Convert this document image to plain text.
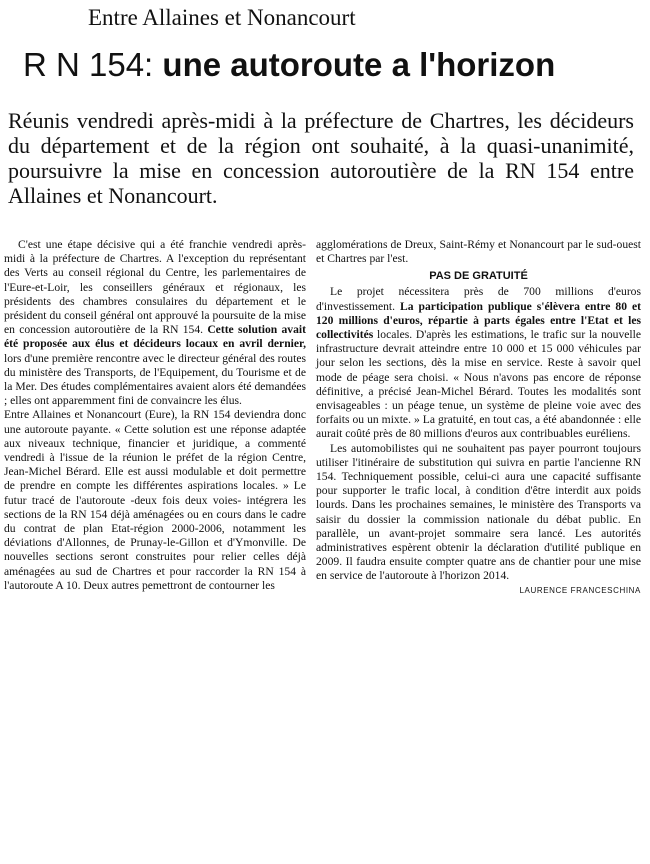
Entre Allaines et Nonancourt
R N 154: une autoroute a l'horizon

Réunis vendredi après-midi à la préfecture de Chartres, les décideurs du département et de la région ont souhaité, à la quasi-unanimité, poursuivre la mise en concession autoroutière de la RN 154 entre Allaines et Nonancourt.

C'est une étape décisive qui a été franchie vendredi après-midi à la préfecture de Chartres. A l'exception du représentant des Verts au conseil régional du Centre, les parlementaires de l'Eure-et-Loir, les conseillers généraux et régionaux, les présidents des chambres consulaires du département et le président du conseil général ont approuvé la poursuite de la mise en concession autoroutière de la RN 154. Cette solution avait été proposée aux élus et décideurs locaux en avril dernier, lors d'une première rencontre avec le directeur général des routes du ministère des Transports, de l'Equipement, du Tourisme et de la Mer. Des études complémentaires avaient alors été demandées ; elles ont apparemment fini de convaincre les élus.

Entre Allaines et Nonancourt (Eure), la RN 154 deviendra donc une autoroute payante. « Cette solution est une réponse adaptée aux niveaux technique, financier et juridique, a commenté vendredi à l'issue de la réunion le préfet de la région Centre, Jean-Michel Bérard. Elle est aussi modulable et doit permettre de prendre en compte les différentes aspirations locales. » Le futur tracé de l'autoroute -deux fois deux voies- intégrera les sections de la RN 154 déjà aménagées ou en cours dans le cadre du contrat de plan Etat-région 2000-2006, notamment les déviations d'Allonnes, de Prunay-le-Gillon et d'Ymonville. De nouvelles sections seront construites pour relier celles déjà aménagées au sud de Chartres et pour raccorder la RN 154 à l'autoroute A 10. Deux autres pemettront de contourner les

agglomérations de Dreux, Saint-Rémy et Nonancourt par le sud-ouest et Chartres par l'est.

PAS DE GRATUITÉ

Le projet nécessitera près de 700 millions d'euros d'investissement. La participation publique s'élèvera entre 80 et 120 millions d'euros, répartie à parts égales entre l'Etat et les collectivités locales. D'après les estimations, le trafic sur la nouvelle infrastructure devrait atteindre entre 10 000 et 15 000 véhicules par jour selon les sections, dès la mise en service. Reste à savoir quel mode de péage sera choisi. « Nous n'avons pas encore de réponse définitive, a précisé Jean-Michel Bérard. Toutes les modalités sont envisageables : un péage tenue, un système de pleine voie avec des forfaits ou un mixte. » La gratuité, en tout cas, a été abandonnée : elle aurait coûté près de 80 millions d'euros aux contribuables euréliens.

Les automobilistes qui ne souhaitent pas payer pourront toujours utiliser l'itinéraire de substitution qui suivra en partie l'ancienne RN 154. Techniquement possible, celui-ci aura une capacité suffisante pour supporter le trafic local, à condition d'être interdit aux poids lourds. Dans les prochaines semaines, le ministère des Transports va saisir du dossier la commission nationale du débat public. En parallèle, un avant-projet sommaire sera lancé. Les autorités administratives espèrent obtenir la déclaration d'utilité publique en 2009. Il faudra ensuite compter quatre ans de chantier pour une mise en service de l'autoroute à l'horizon 2014.

LAURENCE FRANCESCHINA
